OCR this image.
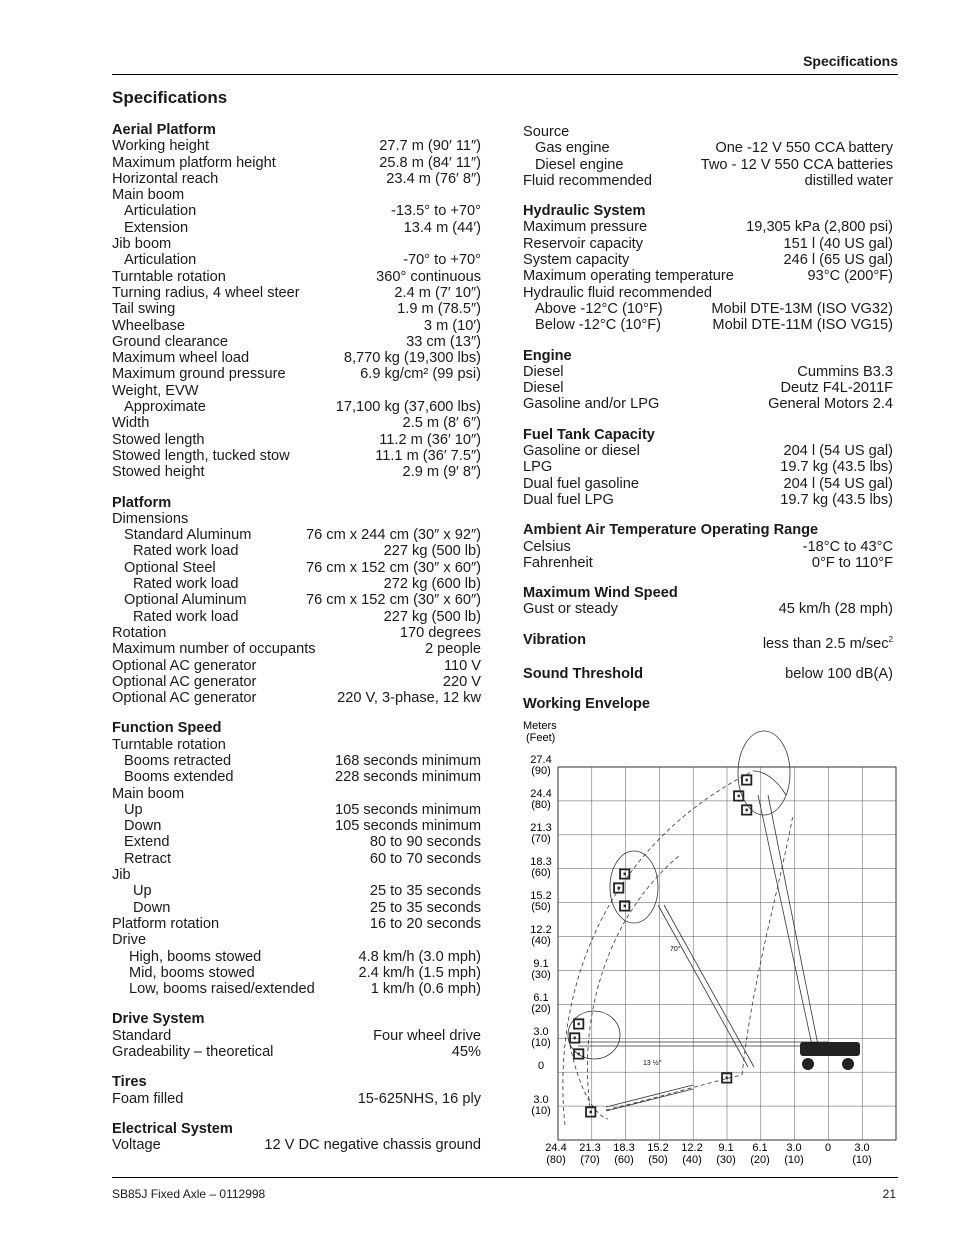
Specifications
Specifications
Aerial Platform
Working height	27.7 m (90′ 11″)
Maximum platform height	25.8 m (84′ 11″)
Horizontal reach	23.4 m (76′ 8″)
Main boom
Articulation	-13.5° to +70°
Extension	13.4 m (44′)
Jib boom
Articulation	-70° to +70°
Turntable rotation	360° continuous
Turning radius, 4 wheel steer	2.4 m (7′ 10″)
Tail swing	1.9 m (78.5″)
Wheelbase	3 m (10′)
Ground clearance	33 cm (13″)
Maximum wheel load	8,770 kg (19,300 lbs)
Maximum ground pressure	6.9 kg/cm² (99 psi)
Weight, EVW
Approximate	17,100 kg (37,600 lbs)
Width	2.5 m (8′ 6″)
Stowed length	11.2 m (36′ 10″)
Stowed length, tucked stow	11.1 m (36′ 7.5″)
Stowed height	2.9 m (9′ 8″)
Platform
Dimensions
Standard Aluminum	76 cm x 244 cm (30″ x 92″)
Rated work load	227 kg (500 lb)
Optional Steel	76 cm x 152 cm (30″ x 60″)
Rated work load	272 kg (600 lb)
Optional Aluminum	76 cm x 152 cm (30″ x 60″)
Rated work load	227 kg (500 lb)
Rotation	170 degrees
Maximum number of occupants	2 people
Optional AC generator	110 V
Optional AC generator	220 V
Optional AC generator	220 V, 3-phase, 12 kw
Function Speed
Turntable rotation
Booms retracted	168 seconds minimum
Booms extended	228 seconds minimum
Main boom
Up	105 seconds minimum
Down	105 seconds minimum
Extend	80 to 90 seconds
Retract	60 to 70 seconds
Jib
Up	25 to 35 seconds
Down	25 to 35 seconds
Platform rotation	16 to 20 seconds
Drive
High, booms stowed	4.8 km/h (3.0 mph)
Mid, booms stowed	2.4 km/h (1.5 mph)
Low, booms raised/extended	1 km/h (0.6 mph)
Drive System
Standard	Four wheel drive
Gradeability – theoretical	45%
Tires
Foam filled	15-625NHS, 16 ply
Electrical System
Voltage	12 V DC negative chassis ground
Source
Gas engine	One -12 V 550 CCA battery
Diesel engine	Two - 12 V 550 CCA batteries
Fluid recommended	distilled water
Hydraulic System
Maximum pressure	19,305 kPa (2,800 psi)
Reservoir capacity	151 l (40 US gal)
System capacity	246 l (65 US gal)
Maximum operating temperature	93°C (200°F)
Hydraulic fluid recommended
Above -12°C (10°F)	Mobil DTE-13M (ISO VG32)
Below -12°C (10°F)	Mobil DTE-11M (ISO VG15)
Engine
Diesel	Cummins B3.3
Diesel	Deutz F4L-2011F
Gasoline and/or LPG	General Motors 2.4
Fuel Tank Capacity
Gasoline or diesel	204 l (54 US gal)
LPG	19.7 kg (43.5 lbs)
Dual fuel gasoline	204 l (54 US gal)
Dual fuel LPG	19.7 kg (43.5 lbs)
Ambient Air Temperature Operating Range
Celsius	-18°C to 43°C
Fahrenheit	0°F to 110°F
Maximum Wind Speed
Gust or steady	45 km/h (28 mph)
Vibration	less than 2.5 $m/\sec^2$
Sound Threshold	below 100 dB(A)
Working Envelope
Meters
(Feet)
27.4
(90)
24.4
(80)
21.3
(70)
18.3
(60)
15.2
(50)
12.2
(40)
9.1
(30)
6.1
(20)
3.0
(10)
0
3.0
(10)
24.4
(80)
21.3
(70)
18.3
(60)
15.2
(50)
12.2
(40)
9.1
(30)
6.1
(20)
3.0
(10)
0 3.0
(10)
⊡
⊡
⊡
⊡
⊡
⊡
⊡
⊡
⊡
⊡
⊡
70°
13 ½°
SB85J Fixed Axle – 0112998	21
